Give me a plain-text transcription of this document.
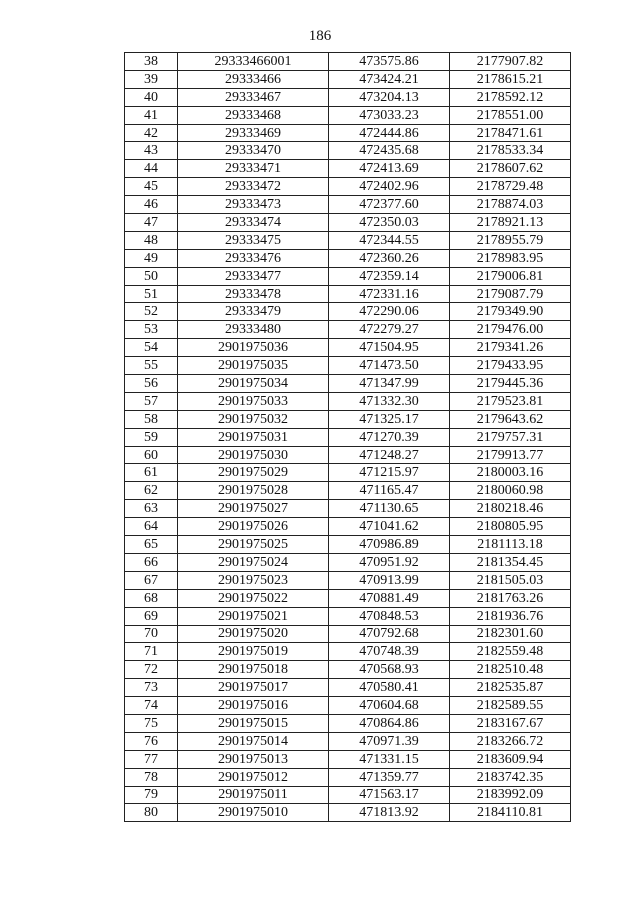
186
38	29333466001	473575.86	2177907.82
39	29333466	473424.21	2178615.21
40	29333467	473204.13	2178592.12
41	29333468	473033.23	2178551.00
42	29333469	472444.86	2178471.61
43	29333470	472435.68	2178533.34
44	29333471	472413.69	2178607.62
45	29333472	472402.96	2178729.48
46	29333473	472377.60	2178874.03
47	29333474	472350.03	2178921.13
48	29333475	472344.55	2178955.79
49	29333476	472360.26	2178983.95
50	29333477	472359.14	2179006.81
51	29333478	472331.16	2179087.79
52	29333479	472290.06	2179349.90
53	29333480	472279.27	2179476.00
54	2901975036	471504.95	2179341.26
55	2901975035	471473.50	2179433.95
56	2901975034	471347.99	2179445.36
57	2901975033	471332.30	2179523.81
58	2901975032	471325.17	2179643.62
59	2901975031	471270.39	2179757.31
60	2901975030	471248.27	2179913.77
61	2901975029	471215.97	2180003.16
62	2901975028	471165.47	2180060.98
63	2901975027	471130.65	2180218.46
64	2901975026	471041.62	2180805.95
65	2901975025	470986.89	2181113.18
66	2901975024	470951.92	2181354.45
67	2901975023	470913.99	2181505.03
68	2901975022	470881.49	2181763.26
69	2901975021	470848.53	2181936.76
70	2901975020	470792.68	2182301.60
71	2901975019	470748.39	2182559.48
72	2901975018	470568.93	2182510.48
73	2901975017	470580.41	2182535.87
74	2901975016	470604.68	2182589.55
75	2901975015	470864.86	2183167.67
76	2901975014	470971.39	2183266.72
77	2901975013	471331.15	2183609.94
78	2901975012	471359.77	2183742.35
79	2901975011	471563.17	2183992.09
80	2901975010	471813.92	2184110.81
